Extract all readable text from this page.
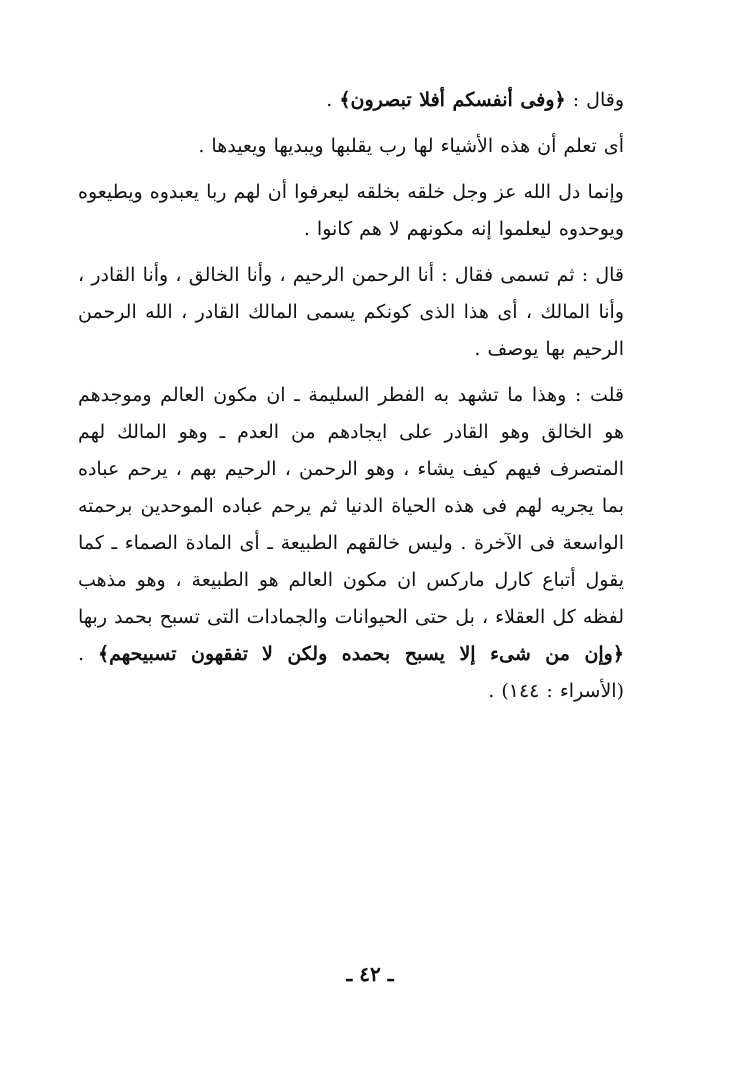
وقال : ﴿وفى أنفسكم أفلا تبصرون﴾ .

أى تعلم أن هذه الأشياء لها رب يقلبها ويبديها ويعيدها .

وإنما دل الله عز وجل خلقه بخلقه ليعرفوا أن لهم ربا يعبدوه ويطيعوه ويوحدوه ليعلموا إنه مكونهم لا هم كانوا .

قال : ثم تسمى فقال : أنا الرحمن الرحيم ، وأنا الخالق ، وأنا القادر ، وأنا المالك ، أى هذا الذى كونكم يسمى المالك القادر ، الله الرحمن الرحيم بها يوصف .

قلت : وهذا ما تشهد به الفطر السليمة ـ ان مكون العالم وموجدهم هو الخالق وهو القادر على ايجادهم من العدم ـ وهو المالك لهم المتصرف فيهم كيف يشاء ، وهو الرحمن ، الرحيم بهم ، يرحم عباده بما يجريه لهم فى هذه الحياة الدنيا ثم يرحم عباده الموحدين برحمته الواسعة فى الآخرة . وليس خالقهم الطبيعة ـ أى المادة الصماء ـ كما يقول أتباع كارل ماركس ان مكون العالم هو الطبيعة ، وهو مذهب لفظه كل العقلاء ، بل حتى الحيوانات والجمادات التى تسبح بحمد ربها ﴿وإن من شىء إلا يسبح بحمده ولكن لا تفقهون تسبيحهم﴾ . (الأسراء : ١٤٤) .

ـ ٤٢ ـ
